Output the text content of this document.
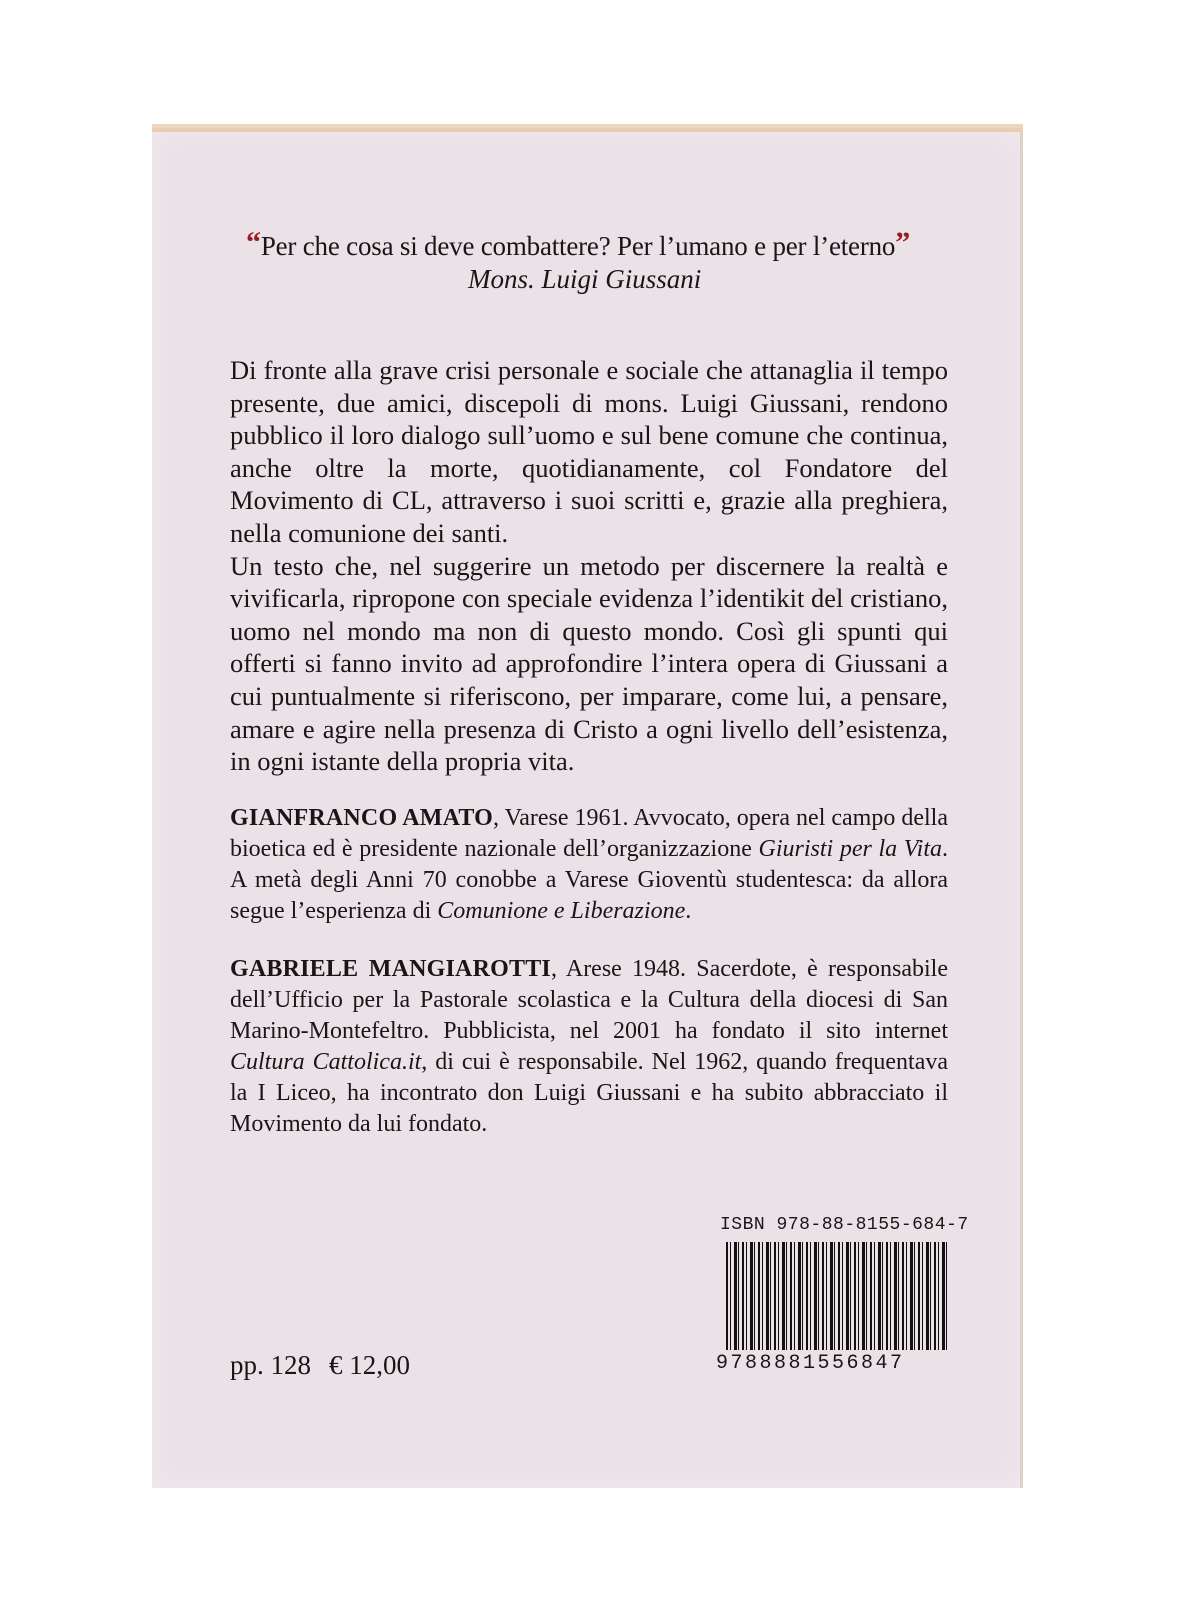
“Per che cosa si deve combattere? Per l’umano e per l’eterno”
Mons. Luigi Giussani
Di fronte alla grave crisi personale e sociale che attanaglia il tempo presente, due amici, discepoli di mons. Luigi Giussani, rendono pubblico il loro dialogo sull’uomo e sul bene comune che continua, anche oltre la morte, quotidianamente, col Fondatore del Movimento di CL, attraverso i suoi scritti e, grazie alla preghiera, nella comunione dei santi.
Un testo che, nel suggerire un metodo per discernere la realtà e vivificarla, ripropone con speciale evidenza l’identikit del cristiano, uomo nel mondo ma non di questo mondo. Così gli spunti qui offerti si fanno invito ad approfondire l’intera opera di Giussani a cui puntualmente si riferiscono, per imparare, come lui, a pensare, amare e agire nella presenza di Cristo a ogni livello dell’esistenza, in ogni istante della propria vita.

GIANFRANCO AMATO, Varese 1961. Avvocato, opera nel campo della bioetica ed è presidente nazionale dell’organizzazione Giuristi per la Vita. A metà degli Anni 70 conobbe a Varese Gioventù studentesca: da allora segue l’esperienza di Comunione e Liberazione.

GABRIELE MANGIAROTTI, Arese 1948. Sacerdote, è responsabile dell’Ufficio per la Pastorale scolastica e la Cultura della diocesi di San Marino-Montefeltro. Pubblicista, nel 2001 ha fondato il sito internet Cultura Cattolica.it, di cui è responsabile. Nel 1962, quando frequentava la I Liceo, ha incontrato don Luigi Giussani e ha subito abbracciato il Movimento da lui fondato.

ISBN 978-88-8155-684-7
9788881556847
pp. 128 € 12,00
